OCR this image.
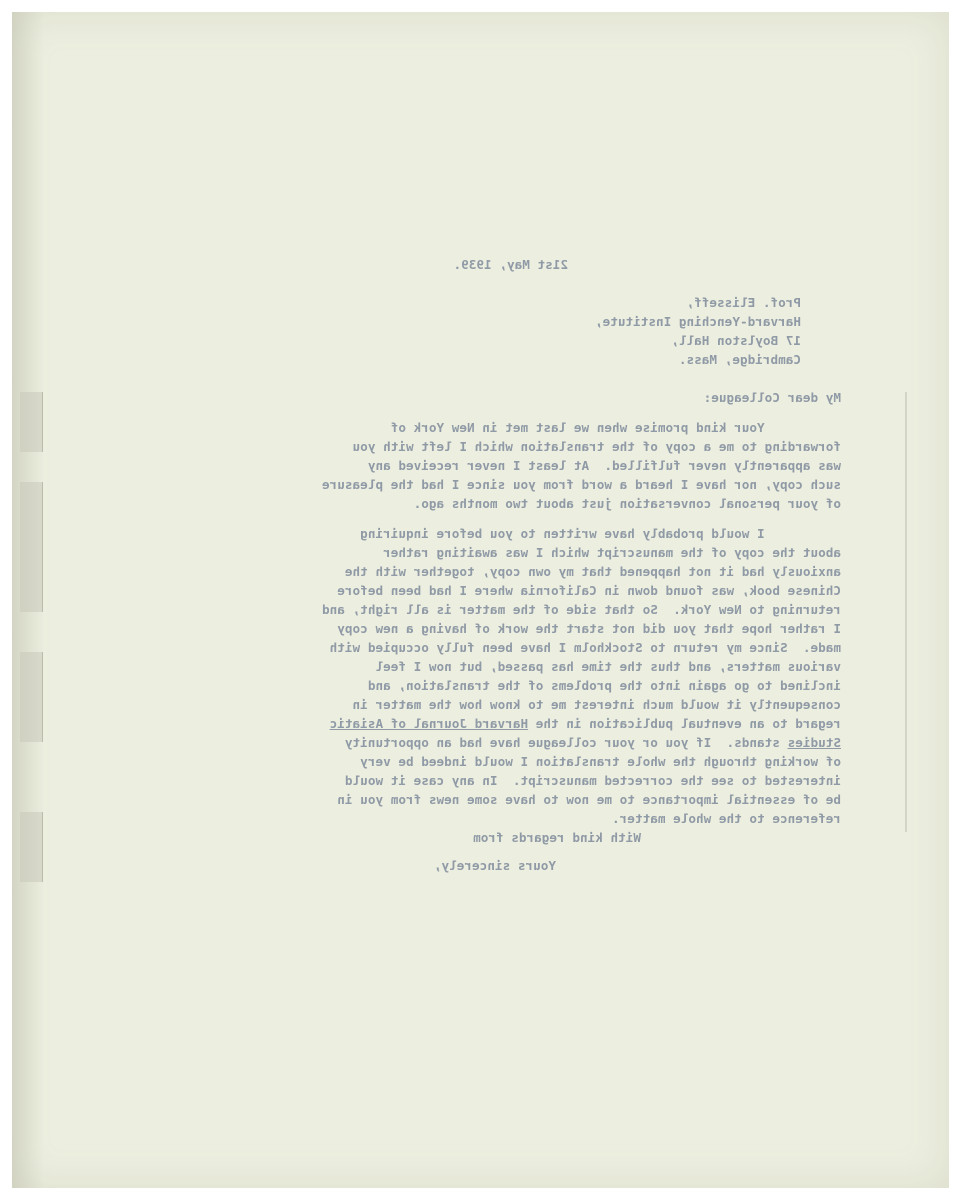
21st May, 1939.
Prof. Elisseff,
Harvard-Yenching Institute,
17 Boylston Hall,
Cambridge, Mass.
My dear Colleague:
Your kind promise when we last met in New York of
forwarding to me a copy of the translation which I left with you
was apparently never fulfilled.  At least I never received any
such copy, nor have I heard a word from you since I had the pleasure
of your personal conversation just about two months ago.
I would probably have written to you before inquiring
about the copy of the manuscript which I was awaiting rather
anxiously had it not happened that my own copy, together with the
Chinese book, was found down in California where I had been before
returning to New York.  So that side of the matter is all right, and
I rather hope that you did not start the work of having a new copy
made.  Since my return to Stockholm I have been fully occupied with
various matters, and thus the time has passed, but now I feel
inclined to go again into the problems of the translation, and
consequently it would much interest me to know how the matter in
regard to an eventual publication in the Harvard Journal of Asiatic
Studies stands.  If you or your colleague have had an opportunity
of working through the whole translation I would indeed be very
interested to see the corrected manuscript.  In any case it would
be of essential importance to me now to have some news from you in
reference to the whole matter.
With kind regards from
Yours sincerely,
